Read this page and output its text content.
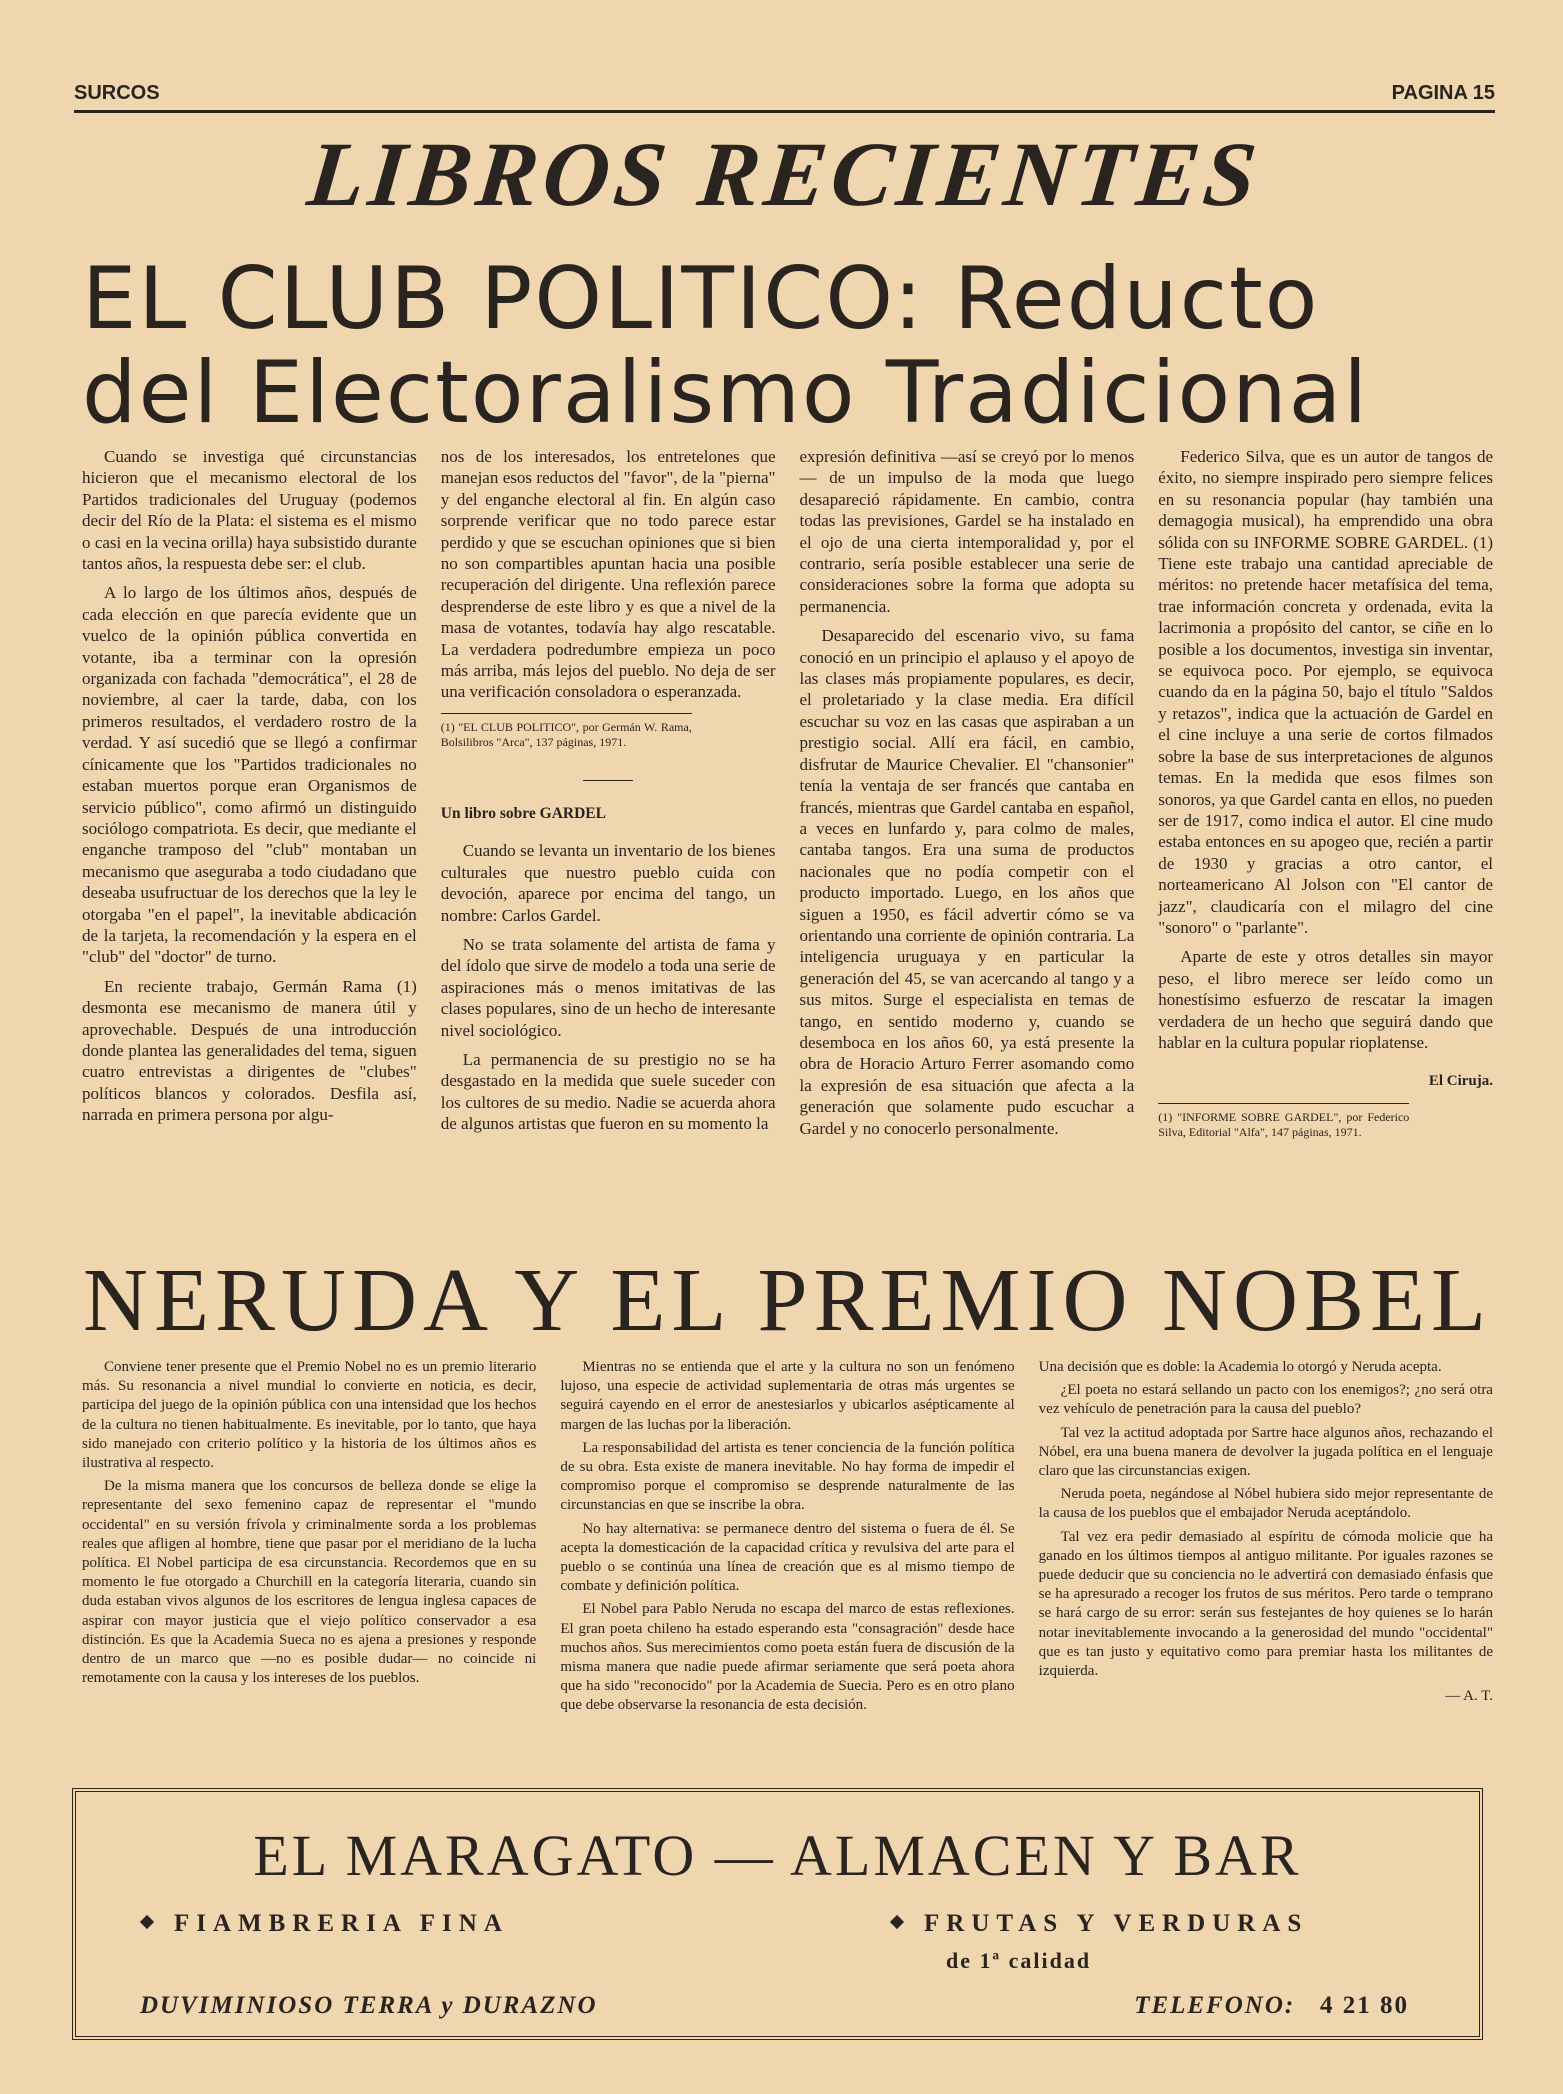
SURCOS	PAGINA 15
LIBROS RECIENTES
EL CLUB POLITICO: Reducto
del Electoralismo Tradicional

Cuando se investiga qué circunstancias hicieron que el mecanismo electoral de los Partidos tradicionales del Uruguay (podemos decir del Río de la Plata: el sistema es el mismo o casi en la vecina orilla) haya subsistido durante tantos años, la respuesta debe ser: el club.

A lo largo de los últimos años, después de cada elección en que parecía evidente que un vuelco de la opinión pública convertida en votante, iba a terminar con la opresión organizada con fachada "democrática", el 28 de noviembre, al caer la tarde, daba, con los primeros resultados, el verdadero rostro de la verdad. Y así sucedió que se llegó a confirmar cínicamente que los "Partidos tradicionales no estaban muertos porque eran Organismos de servicio público", como afirmó un distinguido sociólogo compatriota. Es decir, que mediante el enganche tramposo del "club" montaban un mecanismo que aseguraba a todo ciudadano que deseaba usufructuar de los derechos que la ley le otorgaba "en el papel", la inevitable abdicación de la tarjeta, la recomendación y la espera en el "club" del "doctor" de turno.

En reciente trabajo, Germán Rama (1) desmonta ese mecanismo de manera útil y aprovechable. Después de una introducción donde plantea las generalidades del tema, siguen cuatro entrevistas a dirigentes de "clubes" políticos blancos y colorados. Desfila así, narrada en primera persona por algu-

nos de los interesados, los entretelones que manejan esos reductos del "favor", de la "pierna" y del enganche electoral al fin. En algún caso sorprende verificar que no todo parece estar perdido y que se escuchan opiniones que si bien no son compartibles apuntan hacia una posible recuperación del dirigente. Una reflexión parece desprenderse de este libro y es que a nivel de la masa de votantes, todavía hay algo rescatable. La verdadera podredumbre empieza un poco más arriba, más lejos del pueblo. No deja de ser una verificación consoladora o esperanzada.

(1) "EL CLUB POLITICO", por Germán W. Rama, Bolsilibros "Arca", 137 páginas, 1971.

Un libro sobre GARDEL

Cuando se levanta un inventario de los bienes culturales que nuestro pueblo cuida con devoción, aparece por encima del tango, un nombre: Carlos Gardel.

No se trata solamente del artista de fama y del ídolo que sirve de modelo a toda una serie de aspiraciones más o menos imitativas de las clases populares, sino de un hecho de interesante nivel sociológico.

La permanencia de su prestigio no se ha desgastado en la medida que suele suceder con los cultores de su medio. Nadie se acuerda ahora de algunos artistas que fueron en su momento la

expresión definitiva —así se creyó por lo menos— de un impulso de la moda que luego desapareció rápidamente. En cambio, contra todas las previsiones, Gardel se ha instalado en el ojo de una cierta intemporalidad y, por el contrario, sería posible establecer una serie de consideraciones sobre la forma que adopta su permanencia.

Desaparecido del escenario vivo, su fama conoció en un principio el aplauso y el apoyo de las clases más propiamente populares, es decir, el proletariado y la clase media. Era difícil escuchar su voz en las casas que aspiraban a un prestigio social. Allí era fácil, en cambio, disfrutar de Maurice Chevalier. El "chansonier" tenía la ventaja de ser francés que cantaba en francés, mientras que Gardel cantaba en español, a veces en lunfardo y, para colmo de males, cantaba tangos. Era una suma de productos nacionales que no podía competir con el producto importado. Luego, en los años que siguen a 1950, es fácil advertir cómo se va orientando una corriente de opinión contraria. La inteligencia uruguaya y en particular la generación del 45, se van acercando al tango y a sus mitos. Surge el especialista en temas de tango, en sentido moderno y, cuando se desemboca en los años 60, ya está presente la obra de Horacio Arturo Ferrer asomando como la expresión de esa situación que afecta a la generación que solamente pudo escuchar a Gardel y no conocerlo personalmente.

Federico Silva, que es un autor de tangos de éxito, no siempre inspirado pero siempre felices en su resonancia popular (hay también una demagogia musical), ha emprendido una obra sólida con su INFORME SOBRE GARDEL. (1) Tiene este trabajo una cantidad apreciable de méritos: no pretende hacer metafísica del tema, trae información concreta y ordenada, evita la lacrimonia a propósito del cantor, se ciñe en lo posible a los documentos, investiga sin inventar, se equivoca poco. Por ejemplo, se equivoca cuando da en la página 50, bajo el título "Saldos y retazos", indica que la actuación de Gardel en el cine incluye a una serie de cortos filmados sobre la base de sus interpretaciones de algunos temas. En la medida que esos filmes son sonoros, ya que Gardel canta en ellos, no pueden ser de 1917, como indica el autor. El cine mudo estaba entonces en su apogeo que, recién a partir de 1930 y gracias a otro cantor, el norteamericano Al Jolson con "El cantor de jazz", claudicaría con el milagro del cine "sonoro" o "parlante".

Aparte de este y otros detalles sin mayor peso, el libro merece ser leído como un honestísimo esfuerzo de rescatar la imagen verdadera de un hecho que seguirá dando que hablar en la cultura popular rioplatense.

El Ciruja.

(1) "INFORME SOBRE GARDEL", por Federico Silva, Editorial "Alfa", 147 páginas, 1971.

NERUDA Y EL PREMIO NOBEL

Conviene tener presente que el Premio Nobel no es un premio literario más. Su resonancia a nivel mundial lo convierte en noticia, es decir, participa del juego de la opinión pública con una intensidad que los hechos de la cultura no tienen habitualmente. Es inevitable, por lo tanto, que haya sido manejado con criterio político y la historia de los últimos años es ilustrativa al respecto.

De la misma manera que los concursos de belleza donde se elige la representante del sexo femenino capaz de representar el "mundo occidental" en su versión frívola y criminalmente sorda a los problemas reales que afligen al hombre, tiene que pasar por el meridiano de la lucha política. El Nobel participa de esa circunstancia. Recordemos que en su momento le fue otorgado a Churchill en la categoría literaria, cuando sin duda estaban vivos algunos de los escritores de lengua inglesa capaces de aspirar con mayor justicia que el viejo político conservador a esa distinción. Es que la Academia Sueca no es ajena a presiones y responde dentro de un marco que —no es posible dudar— no coincide ni remotamente con la causa y los intereses de los pueblos.

Mientras no se entienda que el arte y la cultura no son un fenómeno lujoso, una especie de actividad suplementaria de otras más urgentes se seguirá cayendo en el error de anestesiarlos y ubicarlos asépticamente al margen de las luchas por la liberación.

La responsabilidad del artista es tener conciencia de la función política de su obra. Esta existe de manera inevitable. No hay forma de impedir el compromiso porque el compromiso se desprende naturalmente de las circunstancias en que se inscribe la obra.

No hay alternativa: se permanece dentro del sistema o fuera de él. Se acepta la domesticación de la capacidad crítica y revulsiva del arte para el pueblo o se continúa una línea de creación que es al mismo tiempo de combate y definición política.

El Nobel para Pablo Neruda no escapa del marco de estas reflexiones. El gran poeta chileno ha estado esperando esta "consagración" desde hace muchos años. Sus merecimientos como poeta están fuera de discusión de la misma manera que nadie puede afirmar seriamente que será poeta ahora que ha sido "reconocido" por la Academia de Suecia. Pero es en otro plano que debe observarse la resonancia de esta decisión.

Una decisión que es doble: la Academia lo otorgó y Neruda acepta.

¿El poeta no estará sellando un pacto con los enemigos?; ¿no será otra vez vehículo de penetración para la causa del pueblo?

Tal vez la actitud adoptada por Sartre hace algunos años, rechazando el Nóbel, era una buena manera de devolver la jugada política en el lenguaje claro que las circunstancias exigen.

Neruda poeta, negándose al Nóbel hubiera sido mejor representante de la causa de los pueblos que el embajador Neruda aceptándolo.

Tal vez era pedir demasiado al espíritu de cómoda molicie que ha ganado en los últimos tiempos al antiguo militante. Por iguales razones se puede deducir que su conciencia no le advertirá con demasiado énfasis que se ha apresurado a recoger los frutos de sus méritos. Pero tarde o temprano se hará cargo de su error: serán sus festejantes de hoy quienes se lo harán notar inevitablemente invocando a la generosidad del mundo "occidental" que es tan justo y equitativo como para premiar hasta los militantes de izquierda.

— A. T.

EL MARAGATO — ALMACEN Y BAR
FIAMBRERIA FINA	FRUTAS Y VERDURAS
de 1ª calidad
DUVIMINIOSO TERRA y DURAZNO	TELEFONO: 4 21 80
